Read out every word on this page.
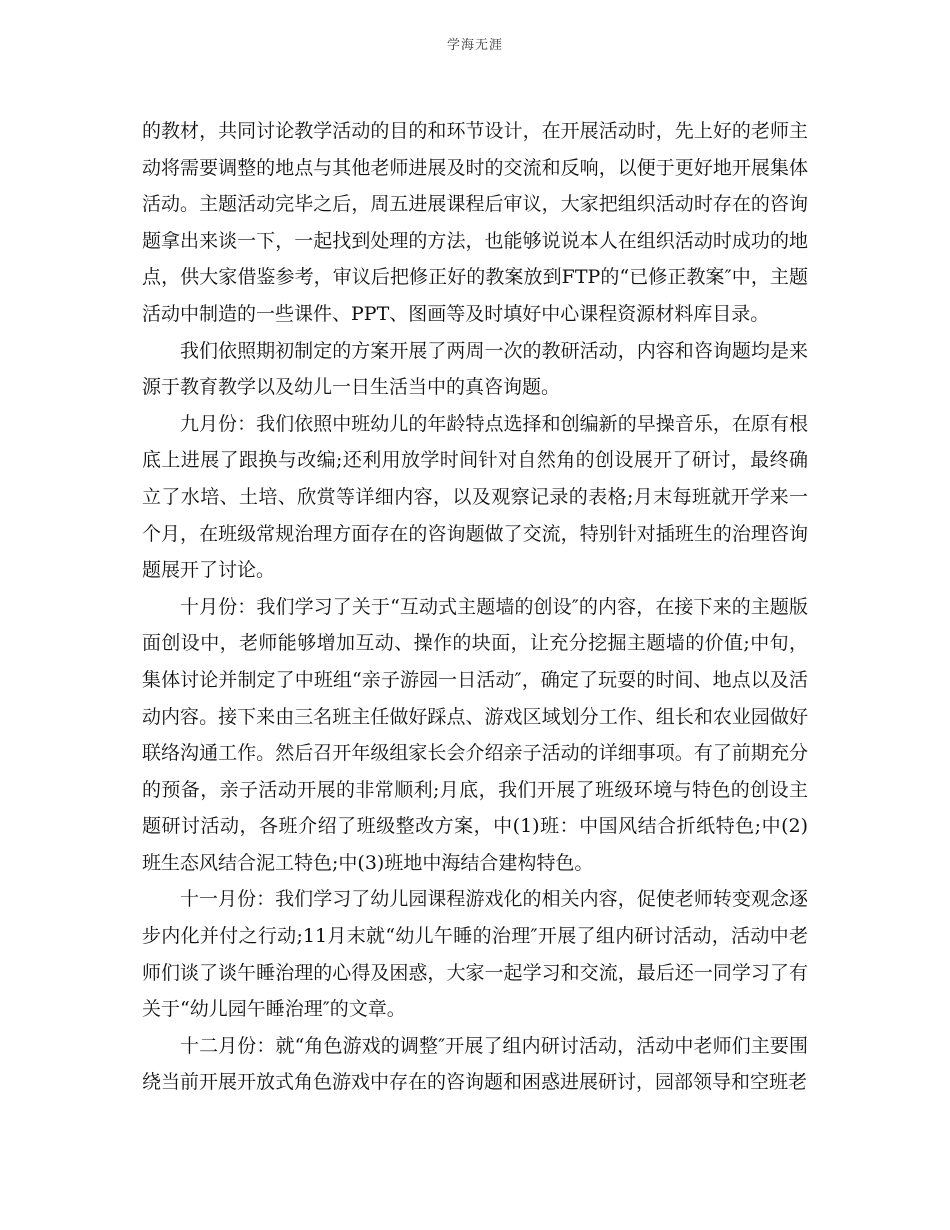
学海无涯

的教材，共同讨论教学活动的目的和环节设计，在开展活动时，先上好的老师主动将需要调整的地点与其他老师进展及时的交流和反响，以便于更好地开展集体活动。主题活动完毕之后，周五进展课程后审议，大家把组织活动时存在的咨询题拿出来谈一下，一起找到处理的方法，也能够说说本人在组织活动时成功的地点，供大家借鉴参考，审议后把修正好的教案放到FTP的“已修正教案″中，主题活动中制造的一些课件、PPT、图画等及时填好中心课程资源材料库目录。

我们依照期初制定的方案开展了两周一次的教研活动，内容和咨询题均是来源于教育教学以及幼儿一日生活当中的真咨询题。

九月份：我们依照中班幼儿的年龄特点选择和创编新的早操音乐，在原有根底上进展了跟换与改编;还利用放学时间针对自然角的创设展开了研讨，最终确立了水培、土培、欣赏等详细内容，以及观察记录的表格;月末每班就开学来一个月，在班级常规治理方面存在的咨询题做了交流，特别针对插班生的治理咨询题展开了讨论。

十月份：我们学习了关于“互动式主题墙的创设″的内容，在接下来的主题版面创设中，老师能够增加互动、操作的块面，让充分挖掘主题墙的价值;中旬，集体讨论并制定了中班组“亲子游园一日活动″，确定了玩耍的时间、地点以及活动内容。接下来由三名班主任做好踩点、游戏区域划分工作、组长和农业园做好联络沟通工作。然后召开年级组家长会介绍亲子活动的详细事项。有了前期充分的预备，亲子活动开展的非常顺利;月底，我们开展了班级环境与特色的创设主题研讨活动，各班介绍了班级整改方案，中(1)班：中国风结合折纸特色;中(2)班生态风结合泥工特色;中(3)班地中海结合建构特色。

十一月份：我们学习了幼儿园课程游戏化的相关内容，促使老师转变观念逐步内化并付之行动;11月末就“幼儿午睡的治理″开展了组内研讨活动，活动中老师们谈了谈午睡治理的心得及困惑，大家一起学习和交流，最后还一同学习了有关于“幼儿园午睡治理″的文章。

十二月份：就“角色游戏的调整″开展了组内研讨活动，活动中老师们主要围绕当前开展开放式角色游戏中存在的咨询题和困惑进展研讨，园部领导和空班老
